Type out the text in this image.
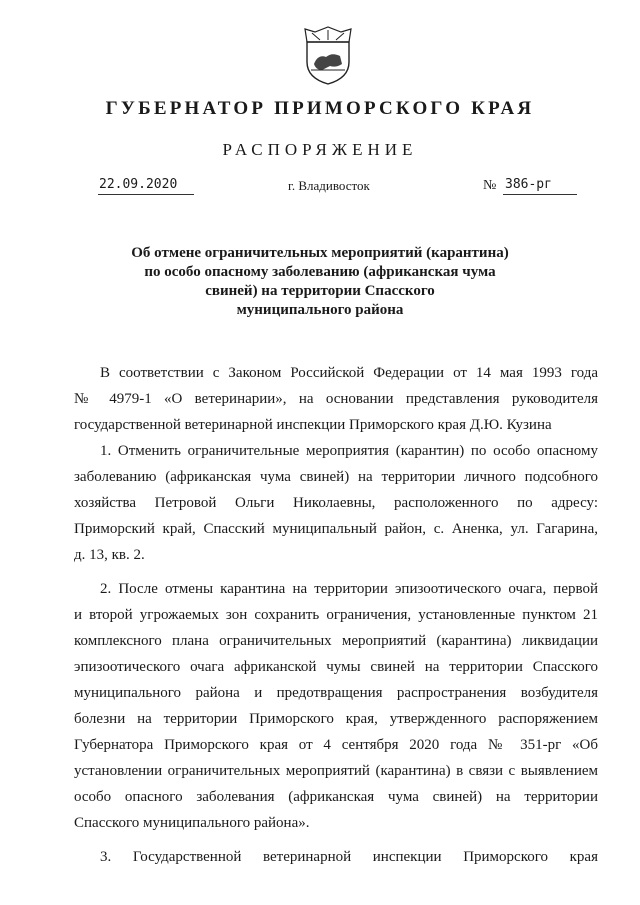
ГУБЕРНАТОР ПРИМОРСКОГО КРАЯ
РАСПОРЯЖЕНИЕ
22.09.2020	г. Владивосток	№ 386-рг
Об отмене ограничительных мероприятий (карантина)
по особо опасному заболеванию (африканская чума
свиней) на территории Спасского
муниципального района
В соответствии с Законом Российской Федерации от 14 мая 1993 года
№ 4979-1 «О ветеринарии», на основании представления руководителя
государственной ветеринарной инспекции Приморского края Д.Ю. Кузина
1. Отменить ограничительные мероприятия (карантин) по особо опасному
заболеванию (африканская чума свиней) на территории личного подсобного
хозяйства Петровой Ольги Николаевны, расположенного по адресу:
Приморский край, Спасский муниципальный район, с. Аненка, ул. Гагарина,
д. 13, кв. 2.
2. После отмены карантина на территории эпизоотического очага, первой
и второй угрожаемых зон сохранить ограничения, установленные пунктом 21
комплексного плана ограничительных мероприятий (карантина) ликвидации
эпизоотического очага африканской чумы свиней на территории Спасского
муниципального района и предотвращения распространения возбудителя
болезни на территории Приморского края, утвержденного распоряжением
Губернатора Приморского края от 4 сентября 2020 года № 351-рг «Об
установлении ограничительных мероприятий (карантина) в связи с выявлением
особо опасного заболевания (африканская чума свиней) на территории
Спасского муниципального района».
3. Государственной ветеринарной инспекции Приморского края
